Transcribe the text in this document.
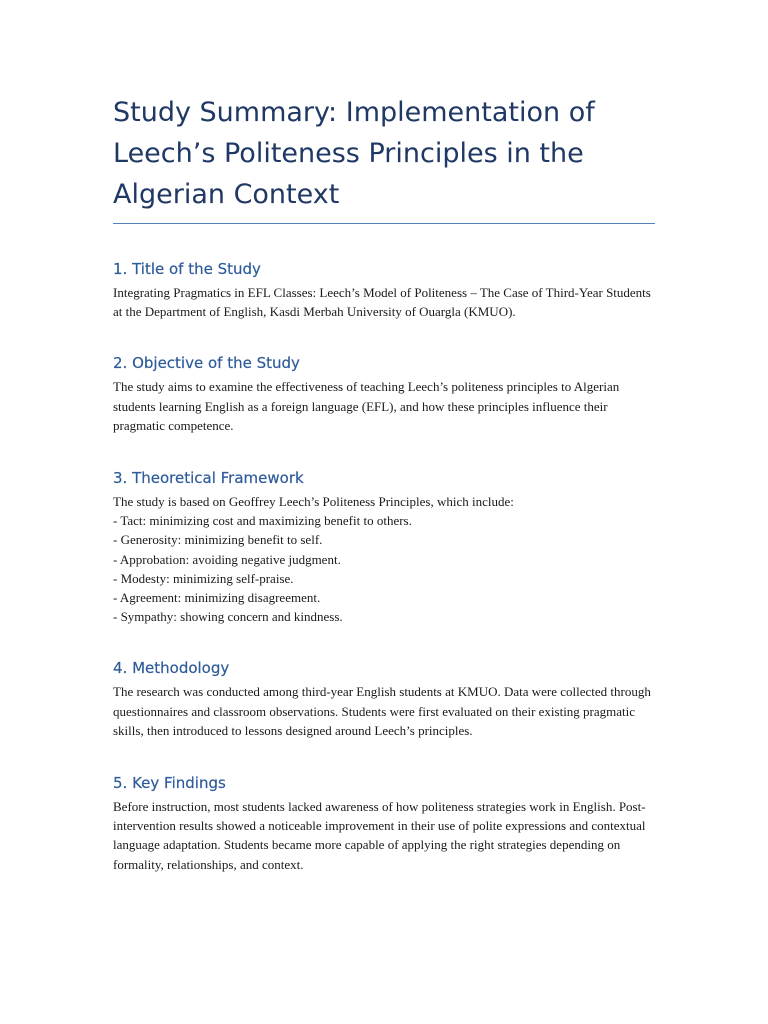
Study Summary: Implementation of Leech’s Politeness Principles in the Algerian Context
1. Title of the Study

Integrating Pragmatics in EFL Classes: Leech’s Model of Politeness – The Case of Third-Year Students at the Department of English, Kasdi Merbah University of Ouargla (KMUO).

2. Objective of the Study

The study aims to examine the effectiveness of teaching Leech’s politeness principles to Algerian students learning English as a foreign language (EFL), and how these principles influence their pragmatic competence.

3. Theoretical Framework

The study is based on Geoffrey Leech’s Politeness Principles, which include:

- Tact: minimizing cost and maximizing benefit to others.
- Generosity: minimizing benefit to self.
- Approbation: avoiding negative judgment.
- Modesty: minimizing self-praise.
- Agreement: minimizing disagreement.
- Sympathy: showing concern and kindness.
4. Methodology

The research was conducted among third-year English students at KMUO. Data were collected through questionnaires and classroom observations. Students were first evaluated on their existing pragmatic skills, then introduced to lessons designed around Leech’s principles.

5. Key Findings

Before instruction, most students lacked awareness of how politeness strategies work in English. Post-intervention results showed a noticeable improvement in their use of polite expressions and contextual language adaptation. Students became more capable of applying the right strategies depending on formality, relationships, and context.
